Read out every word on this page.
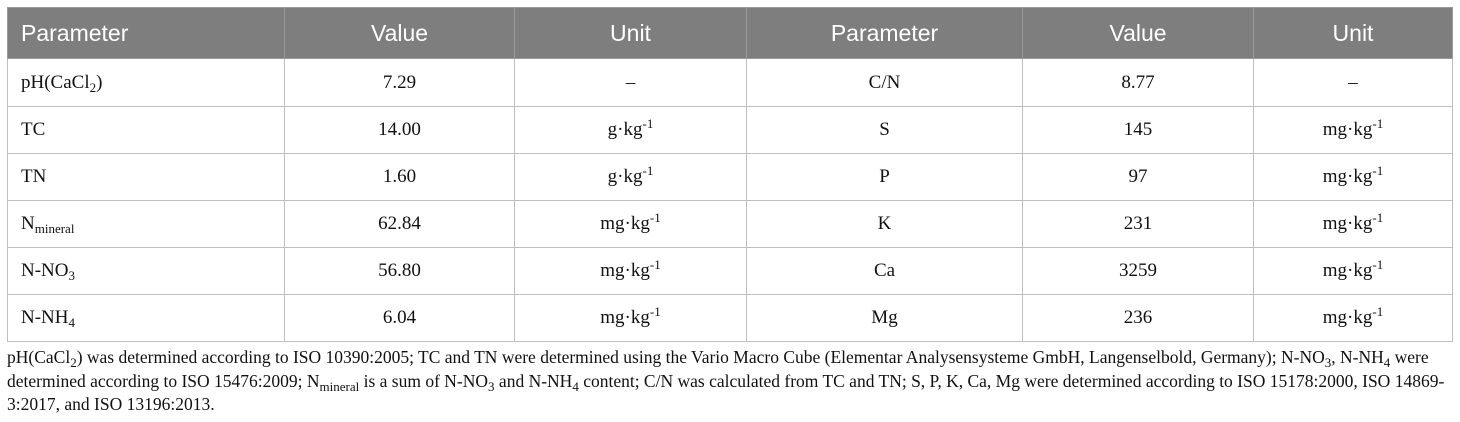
Parameter	Value	Unit	Parameter	Value	Unit
pH(CaCl$_2$)	7.29	–	C/N	8.77	–
TC	14.00	$g\cdot kg^{-1}$	S	145	$mg\cdot kg^{-1}$
TN	1.60	$g\cdot kg^{-1}$	P	97	$mg\cdot kg^{-1}$
$N_{mineral}$	62.84	$mg\cdot kg^{-1}$	K	231	$mg\cdot kg^{-1}$
$N-NO_3$	56.80	$mg\cdot kg^{-1}$	Ca	3259	$mg\cdot kg^{-1}$
$N-NH_4$	6.04	$mg\cdot kg^{-1}$	Mg	236	$mg\cdot kg^{-1}$

pH(CaCl$_2$) was determined according to ISO 10390:2005; TC and TN were determined using the Vario Macro Cube (Elementar Analysensysteme GmbH, Langenselbold, Germany); $N-NO_3$, $N-NH_4$ were determined according to ISO 15476:2009; $N_{mineral}$ is a sum of $N-NO_3$ and $N-NH_4$ content; C/N was calculated from TC and TN; S, P, K, Ca, Mg were determined according to ISO 15178:2000, ISO 14869-3:2017, and ISO 13196:2013.
